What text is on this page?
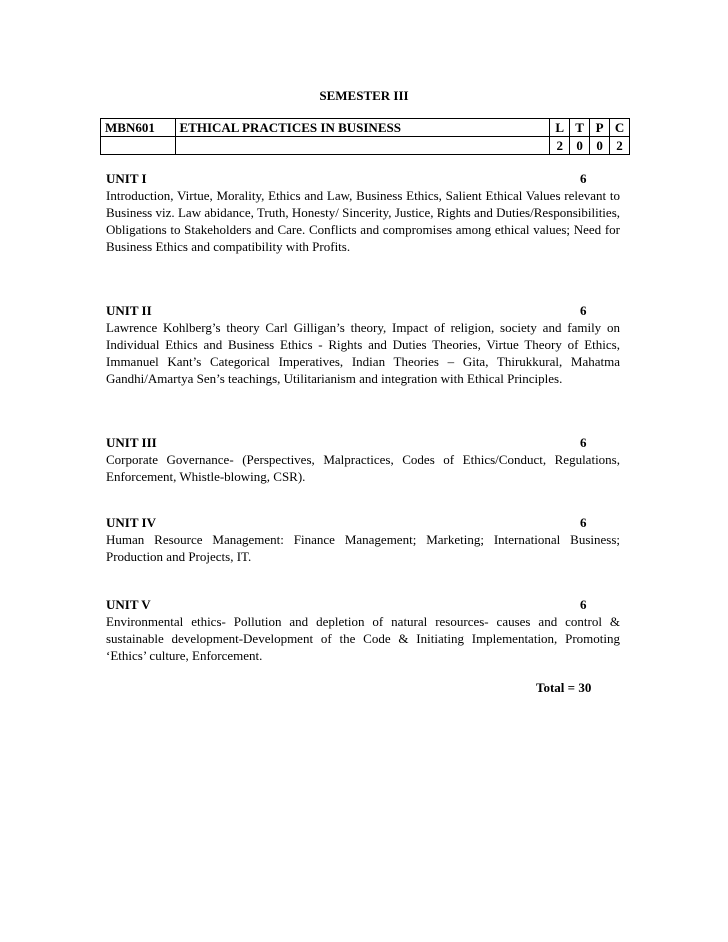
SEMESTER III
MBN601	ETHICAL PRACTICES IN BUSINESS	L	T	P	C
		2	0	0	2
UNIT I	6
Introduction, Virtue, Morality, Ethics and Law, Business Ethics, Salient Ethical Values relevant to Business viz. Law abidance, Truth, Honesty/ Sincerity, Justice, Rights and Duties/Responsibilities, Obligations to Stakeholders and Care. Conflicts and compromises among ethical values; Need for Business Ethics and compatibility with Profits.
UNIT II	6
Lawrence Kohlberg’s theory Carl Gilligan’s theory, Impact of religion, society and family on Individual Ethics and Business Ethics - Rights and Duties Theories, Virtue Theory of Ethics, Immanuel Kant’s Categorical Imperatives, Indian Theories – Gita, Thirukkural, Mahatma Gandhi/Amartya Sen’s teachings, Utilitarianism and integration with Ethical Principles.
UNIT III	6
Corporate Governance- (Perspectives, Malpractices, Codes of Ethics/Conduct, Regulations, Enforcement, Whistle-blowing, CSR).
UNIT IV	6
Human Resource Management: Finance Management; Marketing; International Business; Production and Projects, IT.
UNIT V	6
Environmental ethics- Pollution and depletion of natural resources- causes and control & sustainable development-Development of the Code & Initiating Implementation, Promoting ‘Ethics’ culture, Enforcement.
Total = 30
